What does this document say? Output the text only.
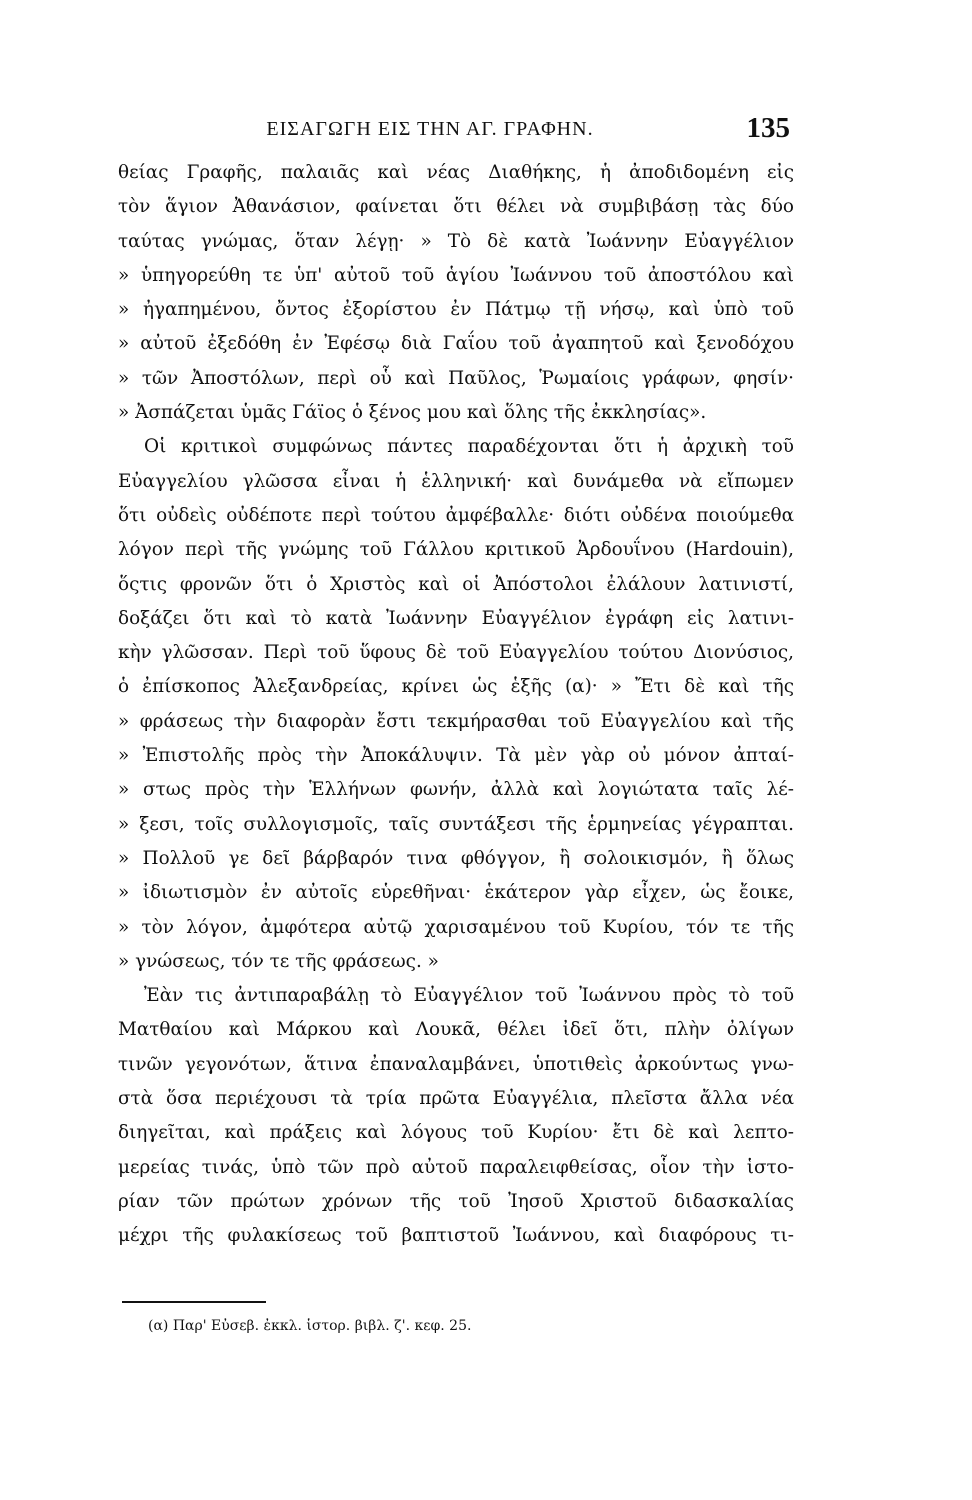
ΕΙΣΑΓΩΓΗ ΕΙΣ ΤΗΝ ΑΓ. ΓΡΑΦΗΝ.	135
θείας Γραφῆς, παλαιᾶς καὶ νέας Διαθήκης, ἡ ἀποδιδομένη εἰς
τὸν ἅγιον Ἀθανάσιον, φαίνεται ὅτι θέλει νὰ συμβιβάσῃ τὰς δύο
ταύτας γνώμας, ὅταν λέγῃ· » Τὸ δὲ κατὰ Ἰωάννην Εὐαγγέλιον
» ὑπηγορεύθη τε ὑπ' αὐτοῦ τοῦ ἁγίου Ἰωάννου τοῦ ἀποστόλου καὶ
» ἠγαπημένου, ὄντος ἐξορίστου ἐν Πάτμῳ τῇ νήσῳ, καὶ ὑπὸ τοῦ
» αὐτοῦ ἐξεδόθη ἐν Ἐφέσῳ διὰ Γαΐου τοῦ ἀγαπητοῦ καὶ ξενοδόχου
» τῶν Ἀποστόλων, περὶ οὗ καὶ Παῦλος, Ῥωμαίοις γράφων, φησίν·
» Ἀσπάζεται ὑμᾶς Γάϊος ὁ ξένος μου καὶ ὅλης τῆς ἐκκλησίας».
Οἱ κριτικοὶ συμφώνως πάντες παραδέχονται ὅτι ἡ ἀρχικὴ τοῦ
Εὐαγγελίου γλῶσσα εἶναι ἡ ἑλληνική· καὶ δυνάμεθα νὰ εἴπωμεν
ὅτι οὐδεὶς οὐδέποτε περὶ τούτου ἀμφέβαλλε· διότι οὐδένα ποιούμεθα
λόγον περὶ τῆς γνώμης τοῦ Γάλλου κριτικοῦ Ἀρδουΐνου (Hardouin),
ὅςτις φρονῶν ὅτι ὁ Χριστὸς καὶ οἱ Ἀπόστολοι ἐλάλουν λατινιστί,
δοξάζει ὅτι καὶ τὸ κατὰ Ἰωάννην Εὐαγγέλιον ἐγράφη εἰς λατινι-
κὴν γλῶσσαν. Περὶ τοῦ ὕφους δὲ τοῦ Εὐαγγελίου τούτου Διονύσιος,
ὁ ἐπίσκοπος Ἀλεξανδρείας, κρίνει ὡς ἑξῆς (α)· » Ἔτι δὲ καὶ τῆς
» φράσεως τὴν διαφορὰν ἔστι τεκμήρασθαι τοῦ Εὐαγγελίου καὶ τῆς
» Ἐπιστολῆς πρὸς τὴν Ἀποκάλυψιν. Τὰ μὲν γὰρ οὐ μόνον ἀπταί-
» στως πρὸς τὴν Ἑλλήνων φωνήν, ἀλλὰ καὶ λογιώτατα ταῖς λέ-
» ξεσι, τοῖς συλλογισμοῖς, ταῖς συντάξεσι τῆς ἑρμηνείας γέγραπται.
» Πολλοῦ γε δεῖ βάρβαρόν τινα φθόγγον, ἢ σολοικισμόν, ἢ ὅλως
» ἰδιωτισμὸν ἐν αὐτοῖς εὑρεθῆναι· ἑκάτερον γὰρ εἶχεν, ὡς ἔοικε,
» τὸν λόγον, ἀμφότερα αὐτῷ χαρισαμένου τοῦ Κυρίου, τόν τε τῆς
» γνώσεως, τόν τε τῆς φράσεως. »
Ἐὰν τις ἀντιπαραβάλῃ τὸ Εὐαγγέλιον τοῦ Ἰωάννου πρὸς τὸ τοῦ
Ματθαίου καὶ Μάρκου καὶ Λουκᾶ, θέλει ἰδεῖ ὅτι, πλὴν ὀλίγων
τινῶν γεγονότων, ἅτινα ἐπαναλαμβάνει, ὑποτιθεὶς ἀρκούντως γνω-
στὰ ὅσα περιέχουσι τὰ τρία πρῶτα Εὐαγγέλια, πλεῖστα ἄλλα νέα
διηγεῖται, καὶ πράξεις καὶ λόγους τοῦ Κυρίου· ἔτι δὲ καὶ λεπτο-
μερείας τινάς, ὑπὸ τῶν πρὸ αὐτοῦ παραλειφθείσας, οἷον τὴν ἱστο-
ρίαν τῶν πρώτων χρόνων τῆς τοῦ Ἰησοῦ Χριστοῦ διδασκαλίας
μέχρι τῆς φυλακίσεως τοῦ βαπτιστοῦ Ἰωάννου, καὶ διαφόρους τι-
(α) Παρ' Εὐσεβ. ἐκκλ. ἱστορ. βιβλ. ζ'. κεφ. 25.
